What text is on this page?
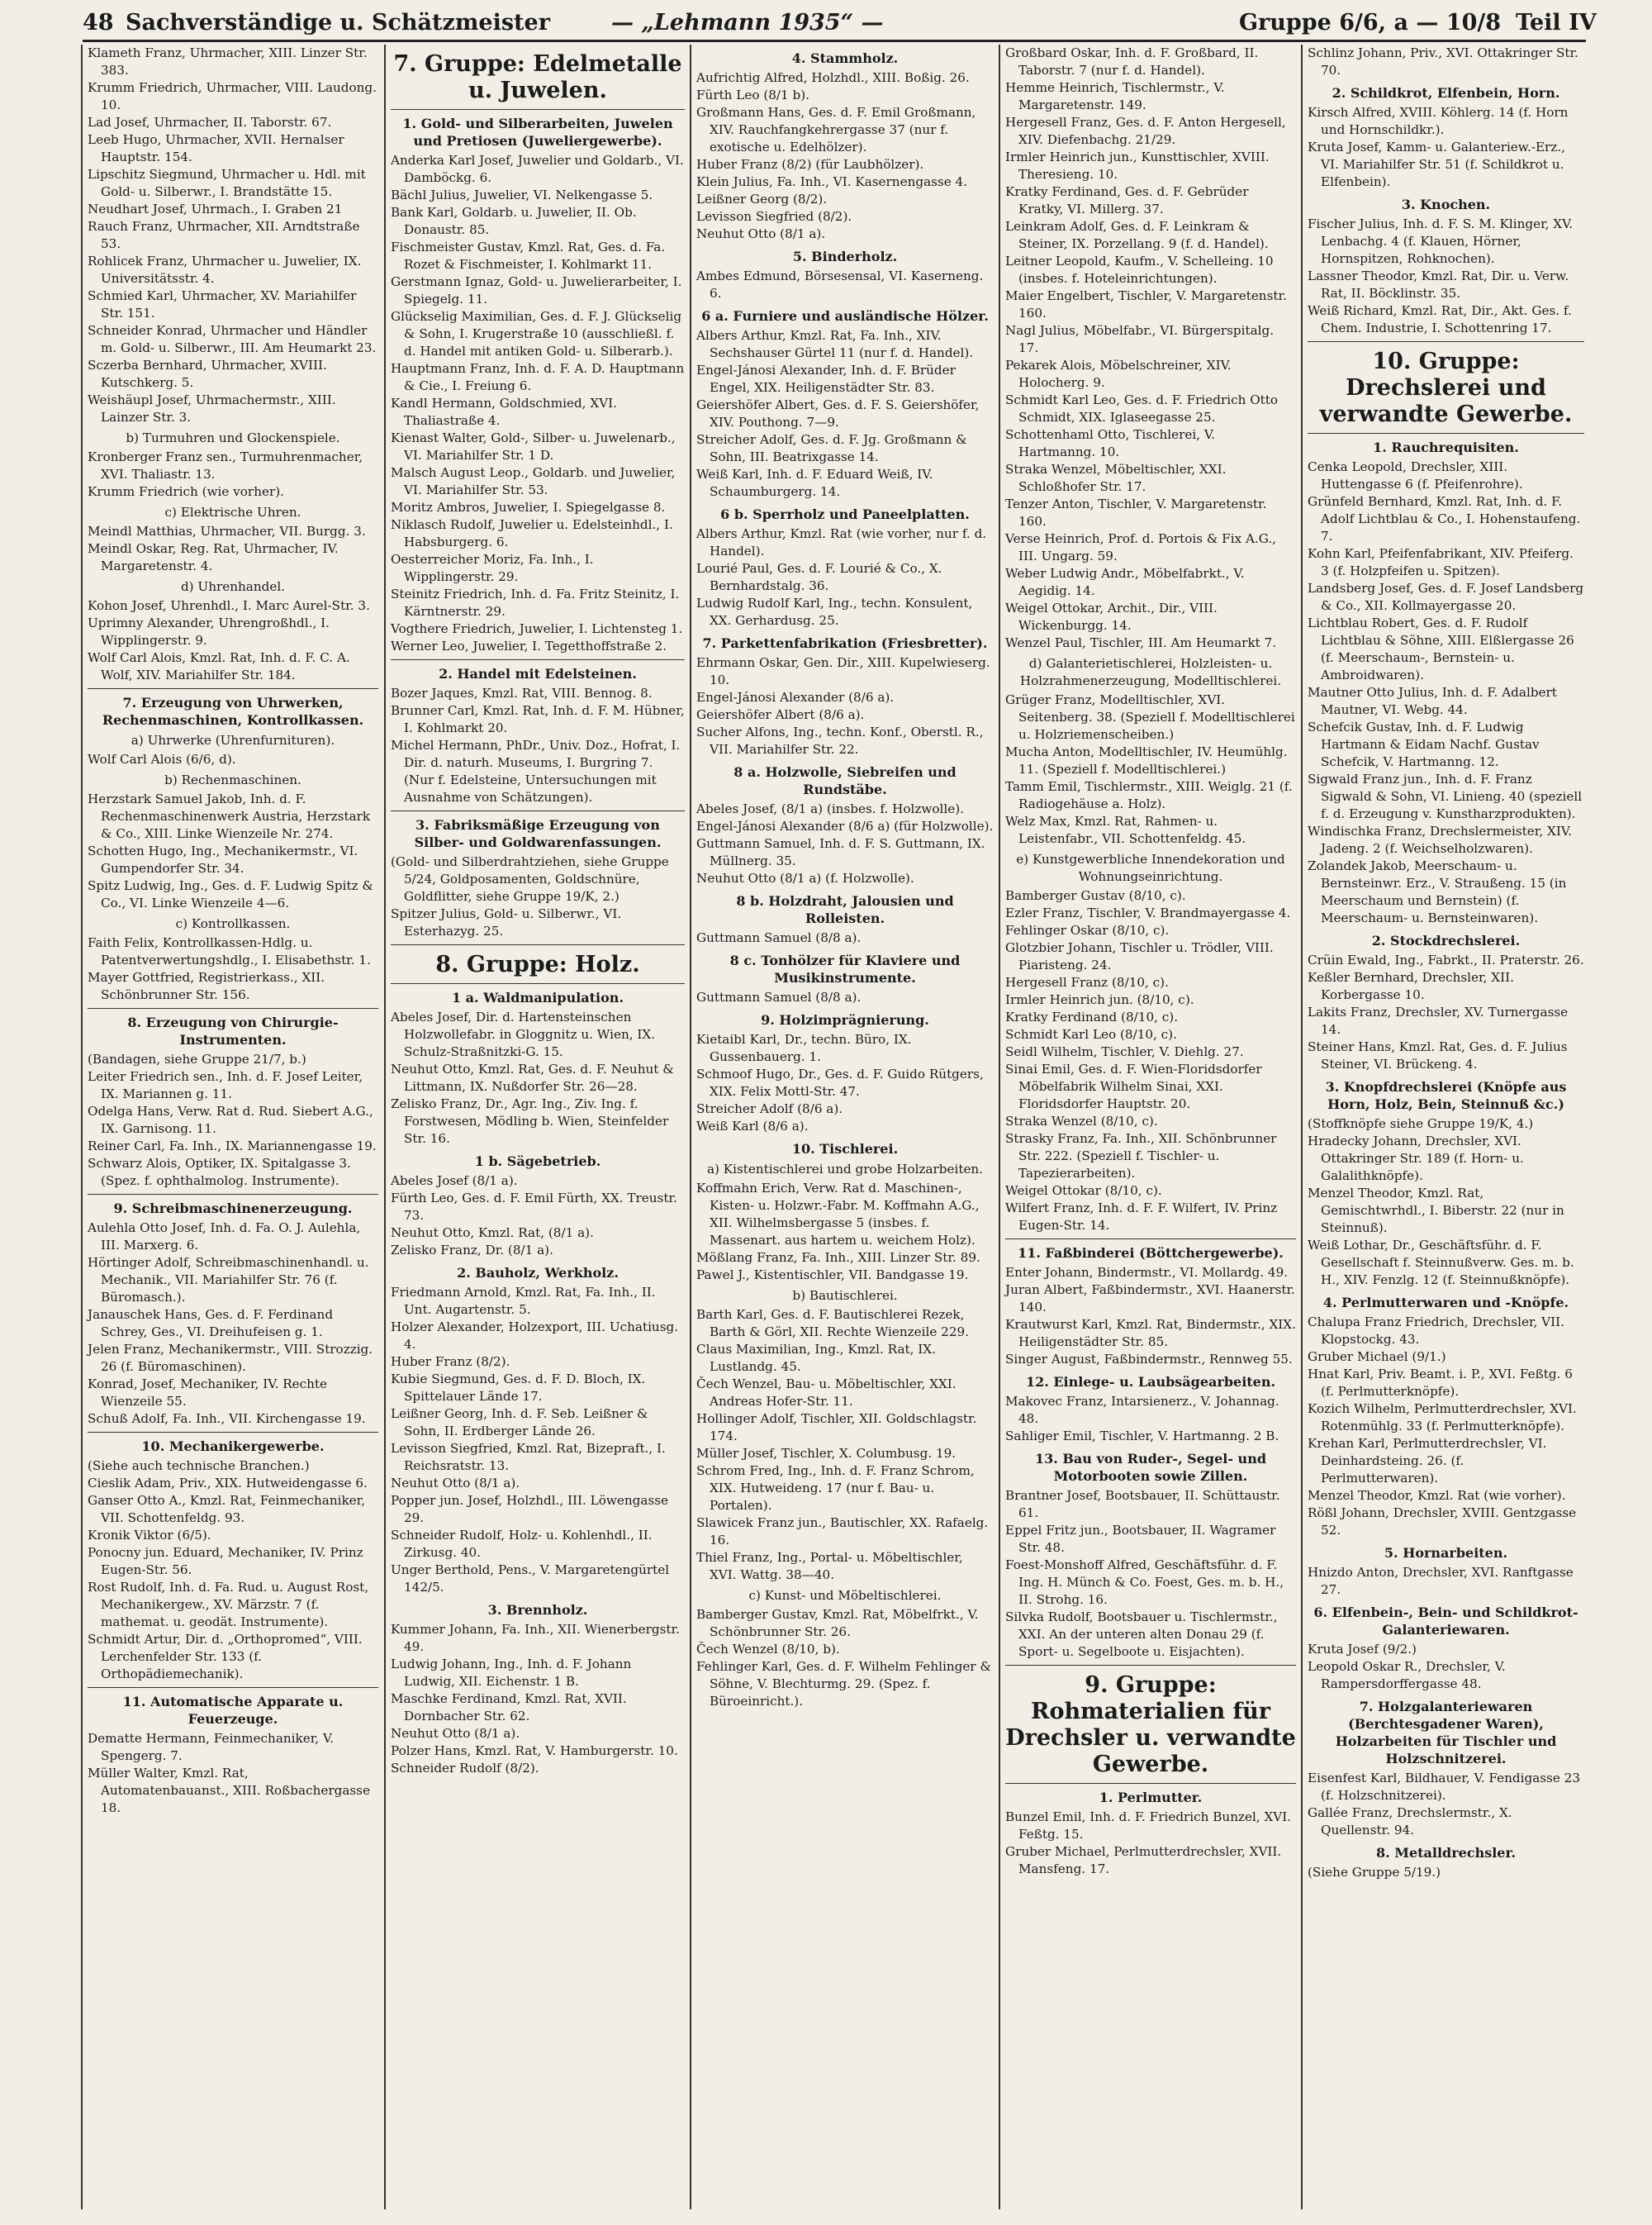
48 Sachverständige u. Schätzmeister	— „Lehmann 1935“ —	Gruppe 6/6, a — 10/8 Teil IV
Klameth Franz, Uhrmacher, XIII. Linzer Str. 383.
Krumm Friedrich, Uhrmacher, VIII. Laudong. 10.
Lad Josef, Uhrmacher, II. Taborstr. 67.
Leeb Hugo, Uhrmacher, XVII. Hernalser Hauptstr. 154.
Lipschitz Siegmund, Uhrmacher u. Hdl. mit Gold- u. Silberwr., I. Brandstätte 15.
Neudhart Josef, Uhrmach., I. Graben 21
Rauch Franz, Uhrmacher, XII. Arndtstraße 53.
Rohlicek Franz, Uhrmacher u. Juwelier, IX. Universitätsstr. 4.
Schmied Karl, Uhrmacher, XV. Mariahilfer Str. 151.
Schneider Konrad, Uhrmacher und Händler m. Gold- u. Silberwr., III. Am Heumarkt 23.
Sczerba Bernhard, Uhrmacher, XVIII. Kutschkerg. 5.
Weishäupl Josef, Uhrmachermstr., XIII. Lainzer Str. 3.
b) Turmuhren und Glockenspiele.
Kronberger Franz sen., Turmuhrenmacher, XVI. Thaliastr. 13.
Krumm Friedrich (wie vorher).
c) Elektrische Uhren.
Meindl Matthias, Uhrmacher, VII. Burgg. 3.
Meindl Oskar, Reg. Rat, Uhrmacher, IV. Margaretenstr. 4.
d) Uhrenhandel.
Kohon Josef, Uhrenhdl., I. Marc Aurel-Str. 3.
Uprimny Alexander, Uhrengroßhdl., I. Wipplingerstr. 9.
Wolf Carl Alois, Kmzl. Rat, Inh. d. F. C. A. Wolf, XIV. Mariahilfer Str. 184.
7. Erzeugung von Uhrwerken, Rechenmaschinen, Kontrollkassen.
a) Uhrwerke (Uhrenfurnituren).
Wolf Carl Alois (6/6, d).
b) Rechenmaschinen.
Herzstark Samuel Jakob, Inh. d. F. Rechenmaschinenwerk Austria, Herzstark & Co., XIII. Linke Wienzeile Nr. 274.
Schotten Hugo, Ing., Mechanikermstr., VI. Gumpendorfer Str. 34.
Spitz Ludwig, Ing., Ges. d. F. Ludwig Spitz & Co., VI. Linke Wienzeile 4—6.
c) Kontrollkassen.
Faith Felix, Kontrollkassen-Hdlg. u. Patentverwertungshdlg., I. Elisabethstr. 1.
Mayer Gottfried, Registrierkass., XII. Schönbrunner Str. 156.
8. Erzeugung von Chirurgie-Instrumenten.
(Bandagen, siehe Gruppe 21/7, b.)
Leiter Friedrich sen., Inh. d. F. Josef Leiter, IX. Mariannen g. 11.
Odelga Hans, Verw. Rat d. Rud. Siebert A.G., IX. Garnisong. 11.
Reiner Carl, Fa. Inh., IX. Mariannengasse 19.
Schwarz Alois, Optiker, IX. Spitalgasse 3. (Spez. f. ophthalmolog. Instrumente).
9. Schreibmaschinenerzeugung.
Aulehla Otto Josef, Inh. d. Fa. O. J. Aulehla, III. Marxerg. 6.
Hörtinger Adolf, Schreibmaschinenhandl. u. Mechanik., VII. Mariahilfer Str. 76 (f. Büromasch.).
Janauschek Hans, Ges. d. F. Ferdinand Schrey, Ges., VI. Dreihufeisen g. 1.
Jelen Franz, Mechanikermstr., VIII. Strozzig. 26 (f. Büromaschinen).
Konrad, Josef, Mechaniker, IV. Rechte Wienzeile 55.
Schuß Adolf, Fa. Inh., VII. Kirchengasse 19.
10. Mechanikergewerbe.
(Siehe auch technische Branchen.)
Cieslik Adam, Priv., XIX. Hutweidengasse 6.
Ganser Otto A., Kmzl. Rat, Feinmechaniker, VII. Schottenfeldg. 93.
Kronik Viktor (6/5).
Ponocny jun. Eduard, Mechaniker, IV. Prinz Eugen-Str. 56.
Rost Rudolf, Inh. d. Fa. Rud. u. August Rost, Mechanikergew., XV. Märzstr. 7 (f. mathemat. u. geodät. Instrumente).
Schmidt Artur, Dir. d. „Orthopromed“, VIII. Lerchenfelder Str. 133 (f. Orthopädiemechanik).
11. Automatische Apparate u. Feuerzeuge.
Dematte Hermann, Feinmechaniker, V. Spengerg. 7.
Müller Walter, Kmzl. Rat, Automatenbauanst., XIII. Roßbachergasse 18.
7. Gruppe: Edelmetalle u. Juwelen.
1. Gold- und Silberarbeiten, Juwelen und Pretiosen (Juweliergewerbe).
Anderka Karl Josef, Juwelier und Goldarb., VI. Damböckg. 6.
Bächl Julius, Juwelier, VI. Nelkengasse 5.
Bank Karl, Goldarb. u. Juwelier, II. Ob. Donaustr. 85.
Fischmeister Gustav, Kmzl. Rat, Ges. d. Fa. Rozet & Fischmeister, I. Kohlmarkt 11.
Gerstmann Ignaz, Gold- u. Juwelierarbeiter, I. Spiegelg. 11.
Glückselig Maximilian, Ges. d. F. J. Glückselig & Sohn, I. Krugerstraße 10 (ausschließl. f. d. Handel mit antiken Gold- u. Silberarb.).
Hauptmann Franz, Inh. d. F. A. D. Hauptmann & Cie., I. Freiung 6.
Kandl Hermann, Goldschmied, XVI. Thaliastraße 4.
Kienast Walter, Gold-, Silber- u. Juwelenarb., VI. Mariahilfer Str. 1 D.
Malsch August Leop., Goldarb. und Juwelier, VI. Mariahilfer Str. 53.
Moritz Ambros, Juwelier, I. Spiegelgasse 8.
Niklasch Rudolf, Juwelier u. Edelsteinhdl., I. Habsburgerg. 6.
Oesterreicher Moriz, Fa. Inh., I. Wipplingerstr. 29.
Steinitz Friedrich, Inh. d. Fa. Fritz Steinitz, I. Kärntnerstr. 29.
Vogthere Friedrich, Juwelier, I. Lichtensteg 1.
Werner Leo, Juwelier, I. Tegetthoffstraße 2.
2. Handel mit Edelsteinen.
Bozer Jaques, Kmzl. Rat, VIII. Bennog. 8.
Brunner Carl, Kmzl. Rat, Inh. d. F. M. Hübner, I. Kohlmarkt 20.
Michel Hermann, PhDr., Univ. Doz., Hofrat, I. Dir. d. naturh. Museums, I. Burgring 7. (Nur f. Edelsteine, Untersuchungen mit Ausnahme von Schätzungen).
3. Fabriksmäßige Erzeugung von Silber- und Goldwarenfassungen.
(Gold- und Silberdrahtziehen, siehe Gruppe 5/24, Goldposamenten, Goldschnüre, Goldflitter, siehe Gruppe 19/K, 2.)
Spitzer Julius, Gold- u. Silberwr., VI. Esterhazyg. 25.
8. Gruppe: Holz.
1 a. Waldmanipulation.
Abeles Josef, Dir. d. Hartensteinschen Holzwollefabr. in Gloggnitz u. Wien, IX. Schulz-Straßnitzki-G. 15.
Neuhut Otto, Kmzl. Rat, Ges. d. F. Neuhut & Littmann, IX. Nußdorfer Str. 26—28.
Zelisko Franz, Dr., Agr. Ing., Ziv. Ing. f. Forstwesen, Mödling b. Wien, Steinfelder Str. 16.
1 b. Sägebetrieb.
Abeles Josef (8/1 a).
Fürth Leo, Ges. d. F. Emil Fürth, XX. Treustr. 73.
Neuhut Otto, Kmzl. Rat, (8/1 a).
Zelisko Franz, Dr. (8/1 a).
2. Bauholz, Werkholz.
Friedmann Arnold, Kmzl. Rat, Fa. Inh., II. Unt. Augartenstr. 5.
Holzer Alexander, Holzexport, III. Uchatiusg. 4.
Huber Franz (8/2).
Kubie Siegmund, Ges. d. F. D. Bloch, IX. Spittelauer Lände 17.
Leißner Georg, Inh. d. F. Seb. Leißner & Sohn, II. Erdberger Lände 26.
Levisson Siegfried, Kmzl. Rat, Bizepraft., I. Reichsratstr. 13.
Neuhut Otto (8/1 a).
Popper jun. Josef, Holzhdl., III. Löwengasse 29.
Schneider Rudolf, Holz- u. Kohlenhdl., II. Zirkusg. 40.
Unger Berthold, Pens., V. Margaretengürtel 142/5.
3. Brennholz.
Kummer Johann, Fa. Inh., XII. Wienerbergstr. 49.
Ludwig Johann, Ing., Inh. d. F. Johann Ludwig, XII. Eichenstr. 1 B.
Maschke Ferdinand, Kmzl. Rat, XVII. Dornbacher Str. 62.
Neuhut Otto (8/1 a).
Polzer Hans, Kmzl. Rat, V. Hamburgerstr. 10.
Schneider Rudolf (8/2).
4. Stammholz.
Aufrichtig Alfred, Holzhdl., XIII. Boßig. 26.
Fürth Leo (8/1 b).
Großmann Hans, Ges. d. F. Emil Großmann, XIV. Rauchfangkehrergasse 37 (nur f. exotische u. Edelhölzer).
Huber Franz (8/2) (für Laubhölzer).
Klein Julius, Fa. Inh., VI. Kasernengasse 4.
Leißner Georg (8/2).
Levisson Siegfried (8/2).
Neuhut Otto (8/1 a).
5. Binderholz.
Ambes Edmund, Börsesensal, VI. Kaserneng. 6.
6 a. Furniere und ausländische Hölzer.
Albers Arthur, Kmzl. Rat, Fa. Inh., XIV. Sechshauser Gürtel 11 (nur f. d. Handel).
Engel-Jánosi Alexander, Inh. d. F. Brüder Engel, XIX. Heiligenstädter Str. 83.
Geiershöfer Albert, Ges. d. F. S. Geiershöfer, XIV. Pouthong. 7—9.
Streicher Adolf, Ges. d. F. Jg. Großmann & Sohn, III. Beatrixgasse 14.
Weiß Karl, Inh. d. F. Eduard Weiß, IV. Schaumburgerg. 14.
6 b. Sperrholz und Paneelplatten.
Albers Arthur, Kmzl. Rat (wie vorher, nur f. d. Handel).
Lourié Paul, Ges. d. F. Lourié & Co., X. Bernhardstalg. 36.
Ludwig Rudolf Karl, Ing., techn. Konsulent, XX. Gerhardusg. 25.
7. Parkettenfabrikation (Friesbretter).
Ehrmann Oskar, Gen. Dir., XIII. Kupelwieserg. 10.
Engel-Jánosi Alexander (8/6 a).
Geiershöfer Albert (8/6 a).
Sucher Alfons, Ing., techn. Konf., Oberstl. R., VII. Mariahilfer Str. 22.
8 a. Holzwolle, Siebreifen und Rundstäbe.
Abeles Josef, (8/1 a) (insbes. f. Holzwolle).
Engel-Jánosi Alexander (8/6 a) (für Holzwolle).
Guttmann Samuel, Inh. d. F. S. Guttmann, IX. Müllnerg. 35.
Neuhut Otto (8/1 a) (f. Holzwolle).
8 b. Holzdraht, Jalousien und Rolleisten.
Guttmann Samuel (8/8 a).
8 c. Tonhölzer für Klaviere und Musikinstrumente.
Guttmann Samuel (8/8 a).
9. Holzimprägnierung.
Kietaibl Karl, Dr., techn. Büro, IX. Gussenbauerg. 1.
Schmoof Hugo, Dr., Ges. d. F. Guido Rütgers, XIX. Felix Mottl-Str. 47.
Streicher Adolf (8/6 a).
Weiß Karl (8/6 a).
10. Tischlerei.
a) Kistentischlerei und grobe Holzarbeiten.
Koffmahn Erich, Verw. Rat d. Maschinen-, Kisten- u. Holzwr.-Fabr. M. Koffmahn A.G., XII. Wilhelmsbergasse 5 (insbes. f. Massenart. aus hartem u. weichem Holz).
Mößlang Franz, Fa. Inh., XIII. Linzer Str. 89.
Pawel J., Kistentischler, VII. Bandgasse 19.
b) Bautischlerei.
Barth Karl, Ges. d. F. Bautischlerei Rezek, Barth & Görl, XII. Rechte Wienzeile 229.
Claus Maximilian, Ing., Kmzl. Rat, IX. Lustlandg. 45.
Čech Wenzel, Bau- u. Möbeltischler, XXI. Andreas Hofer-Str. 11.
Hollinger Adolf, Tischler, XII. Goldschlagstr. 174.
Müller Josef, Tischler, X. Columbusg. 19.
Schrom Fred, Ing., Inh. d. F. Franz Schrom, XIX. Hutweideng. 17 (nur f. Bau- u. Portalen).
Slawicek Franz jun., Bautischler, XX. Rafaelg. 16.
Thiel Franz, Ing., Portal- u. Möbeltischler, XVI. Wattg. 38—40.
c) Kunst- und Möbeltischlerei.
Bamberger Gustav, Kmzl. Rat, Möbelfrkt., V. Schönbrunner Str. 26.
Čech Wenzel (8/10, b).
Fehlinger Karl, Ges. d. F. Wilhelm Fehlinger & Söhne, V. Blechturmg. 29. (Spez. f. Büroeinricht.).
Großbard Oskar, Inh. d. F. Großbard, II. Taborstr. 7 (nur f. d. Handel).
Hemme Heinrich, Tischlermstr., V. Margaretenstr. 149.
Hergesell Franz, Ges. d. F. Anton Hergesell, XIV. Diefenbachg. 21/29.
Irmler Heinrich jun., Kunsttischler, XVIII. Theresieng. 10.
Kratky Ferdinand, Ges. d. F. Gebrüder Kratky, VI. Millerg. 37.
Leinkram Adolf, Ges. d. F. Leinkram & Steiner, IX. Porzellang. 9 (f. d. Handel).
Leitner Leopold, Kaufm., V. Schelleing. 10 (insbes. f. Hoteleinrichtungen).
Maier Engelbert, Tischler, V. Margaretenstr. 160.
Nagl Julius, Möbelfabr., VI. Bürgerspitalg. 17.
Pekarek Alois, Möbelschreiner, XIV. Holocherg. 9.
Schmidt Karl Leo, Ges. d. F. Friedrich Otto Schmidt, XIX. Iglaseegasse 25.
Schottenhaml Otto, Tischlerei, V. Hartmanng. 10.
Straka Wenzel, Möbeltischler, XXI. Schloßhofer Str. 17.
Tenzer Anton, Tischler, V. Margaretenstr. 160.
Verse Heinrich, Prof. d. Portois & Fix A.G., III. Ungarg. 59.
Weber Ludwig Andr., Möbelfabrkt., V. Aegidig. 14.
Weigel Ottokar, Archit., Dir., VIII. Wickenburgg. 14.
Wenzel Paul, Tischler, III. Am Heumarkt 7.
d) Galanterietischlerei, Holzleisten- u. Holzrahmenerzeugung, Modelltischlerei.
Grüger Franz, Modelltischler, XVI. Seitenberg. 38. (Speziell f. Modelltischlerei u. Holzriemenscheiben.)
Mucha Anton, Modelltischler, IV. Heumühlg. 11. (Speziell f. Modelltischlerei.)
Tamm Emil, Tischlermstr., XIII. Weiglg. 21 (f. Radiogehäuse a. Holz).
Welz Max, Kmzl. Rat, Rahmen- u. Leistenfabr., VII. Schottenfeldg. 45.
e) Kunstgewerbliche Innendekoration und Wohnungseinrichtung.
Bamberger Gustav (8/10, c).
Ezler Franz, Tischler, V. Brandmayergasse 4.
Fehlinger Oskar (8/10, c).
Glotzbier Johann, Tischler u. Trödler, VIII. Piaristeng. 24.
Hergesell Franz (8/10, c).
Irmler Heinrich jun. (8/10, c).
Kratky Ferdinand (8/10, c).
Schmidt Karl Leo (8/10, c).
Seidl Wilhelm, Tischler, V. Diehlg. 27.
Sinai Emil, Ges. d. F. Wien-Floridsdorfer Möbelfabrik Wilhelm Sinai, XXI. Floridsdorfer Hauptstr. 20.
Straka Wenzel (8/10, c).
Strasky Franz, Fa. Inh., XII. Schönbrunner Str. 222. (Speziell f. Tischler- u. Tapezierarbeiten).
Weigel Ottokar (8/10, c).
Wilfert Franz, Inh. d. F. F. Wilfert, IV. Prinz Eugen-Str. 14.
11. Faßbinderei (Böttchergewerbe).
Enter Johann, Bindermstr., VI. Mollardg. 49.
Juran Albert, Faßbindermstr., XVI. Haanerstr. 140.
Krautwurst Karl, Kmzl. Rat, Bindermstr., XIX. Heiligenstädter Str. 85.
Singer August, Faßbindermstr., Rennweg 55.
12. Einlege- u. Laubsägearbeiten.
Makovec Franz, Intarsienerz., V. Johannag. 48.
Sahliger Emil, Tischler, V. Hartmanng. 2 B.
13. Bau von Ruder-, Segel- und Motorbooten sowie Zillen.
Brantner Josef, Bootsbauer, II. Schüttaustr. 61.
Eppel Fritz jun., Bootsbauer, II. Wagramer Str. 48.
Foest-Monshoff Alfred, Geschäftsführ. d. F. Ing. H. Münch & Co. Foest, Ges. m. b. H., II. Strohg. 16.
Silvka Rudolf, Bootsbauer u. Tischlermstr., XXI. An der unteren alten Donau 29 (f. Sport- u. Segelboote u. Eisjachten).
9. Gruppe: Rohmaterialien für Drechsler u. verwandte Gewerbe.
1. Perlmutter.
Bunzel Emil, Inh. d. F. Friedrich Bunzel, XVI. Feßtg. 15.
Gruber Michael, Perlmutterdrechsler, XVII. Mansfeng. 17.
Schlinz Johann, Priv., XVI. Ottakringer Str. 70.
2. Schildkrot, Elfenbein, Horn.
Kirsch Alfred, XVIII. Köhlerg. 14 (f. Horn und Hornschildkr.).
Kruta Josef, Kamm- u. Galanteriew.-Erz., VI. Mariahilfer Str. 51 (f. Schildkrot u. Elfenbein).
3. Knochen.
Fischer Julius, Inh. d. F. S. M. Klinger, XV. Lenbachg. 4 (f. Klauen, Hörner, Hornspitzen, Rohknochen).
Lassner Theodor, Kmzl. Rat, Dir. u. Verw. Rat, II. Böcklinstr. 35.
Weiß Richard, Kmzl. Rat, Dir., Akt. Ges. f. Chem. Industrie, I. Schottenring 17.
10. Gruppe: Drechslerei und verwandte Gewerbe.
1. Rauchrequisiten.
Cenka Leopold, Drechsler, XIII. Huttengasse 6 (f. Pfeifenrohre).
Grünfeld Bernhard, Kmzl. Rat, Inh. d. F. Adolf Lichtblau & Co., I. Hohenstaufeng. 7.
Kohn Karl, Pfeifenfabrikant, XIV. Pfeiferg. 3 (f. Holzpfeifen u. Spitzen).
Landsberg Josef, Ges. d. F. Josef Landsberg & Co., XII. Kollmayergasse 20.
Lichtblau Robert, Ges. d. F. Rudolf Lichtblau & Söhne, XIII. Elßlergasse 26 (f. Meerschaum-, Bernstein- u. Ambroidwaren).
Mautner Otto Julius, Inh. d. F. Adalbert Mautner, VI. Webg. 44.
Schefcik Gustav, Inh. d. F. Ludwig Hartmann & Eidam Nachf. Gustav Schefcik, V. Hartmanng. 12.
Sigwald Franz jun., Inh. d. F. Franz Sigwald & Sohn, VI. Linieng. 40 (speziell f. d. Erzeugung v. Kunstharzprodukten).
Windischka Franz, Drechslermeister, XIV. Jadeng. 2 (f. Weichselholzwaren).
Zolandek Jakob, Meerschaum- u. Bernsteinwr. Erz., V. Straußeng. 15 (in Meerschaum und Bernstein) (f. Meerschaum- u. Bernsteinwaren).
2. Stockdrechslerei.
Crüin Ewald, Ing., Fabrkt., II. Praterstr. 26.
Keßler Bernhard, Drechsler, XII. Korbergasse 10.
Lakits Franz, Drechsler, XV. Turnergasse 14.
Steiner Hans, Kmzl. Rat, Ges. d. F. Julius Steiner, VI. Brückeng. 4.
3. Knopfdrechslerei (Knöpfe aus Horn, Holz, Bein, Steinnuß &c.)
(Stoffknöpfe siehe Gruppe 19/K, 4.)
Hradecky Johann, Drechsler, XVI. Ottakringer Str. 189 (f. Horn- u. Galalithknöpfe).
Menzel Theodor, Kmzl. Rat, Gemischtwrhdl., I. Biberstr. 22 (nur in Steinnuß).
Weiß Lothar, Dr., Geschäftsführ. d. F. Gesellschaft f. Steinnußverw. Ges. m. b. H., XIV. Fenzlg. 12 (f. Steinnußknöpfe).
4. Perlmutterwaren und -Knöpfe.
Chalupa Franz Friedrich, Drechsler, VII. Klopstockg. 43.
Gruber Michael (9/1.)
Hnat Karl, Priv. Beamt. i. P., XVI. Feßtg. 6 (f. Perlmutterknöpfe).
Kozich Wilhelm, Perlmutterdrechsler, XVI. Rotenmühlg. 33 (f. Perlmutterknöpfe).
Krehan Karl, Perlmutterdrechsler, VI. Deinhardsteing. 26. (f. Perlmutterwaren).
Menzel Theodor, Kmzl. Rat (wie vorher).
Rößl Johann, Drechsler, XVIII. Gentzgasse 52.
5. Hornarbeiten.
Hnizdo Anton, Drechsler, XVI. Ranftgasse 27.
6. Elfenbein-, Bein- und Schildkrot-Galanteriewaren.
Kruta Josef (9/2.)
Leopold Oskar R., Drechsler, V. Rampersdorffergasse 48.
7. Holzgalanteriewaren (Berchtesgadener Waren), Holzarbeiten für Tischler und Holzschnitzerei.
Eisenfest Karl, Bildhauer, V. Fendigasse 23 (f. Holzschnitzerei).
Gallée Franz, Drechslermstr., X. Quellenstr. 94.
8. Metalldrechsler.
(Siehe Gruppe 5/19.)
